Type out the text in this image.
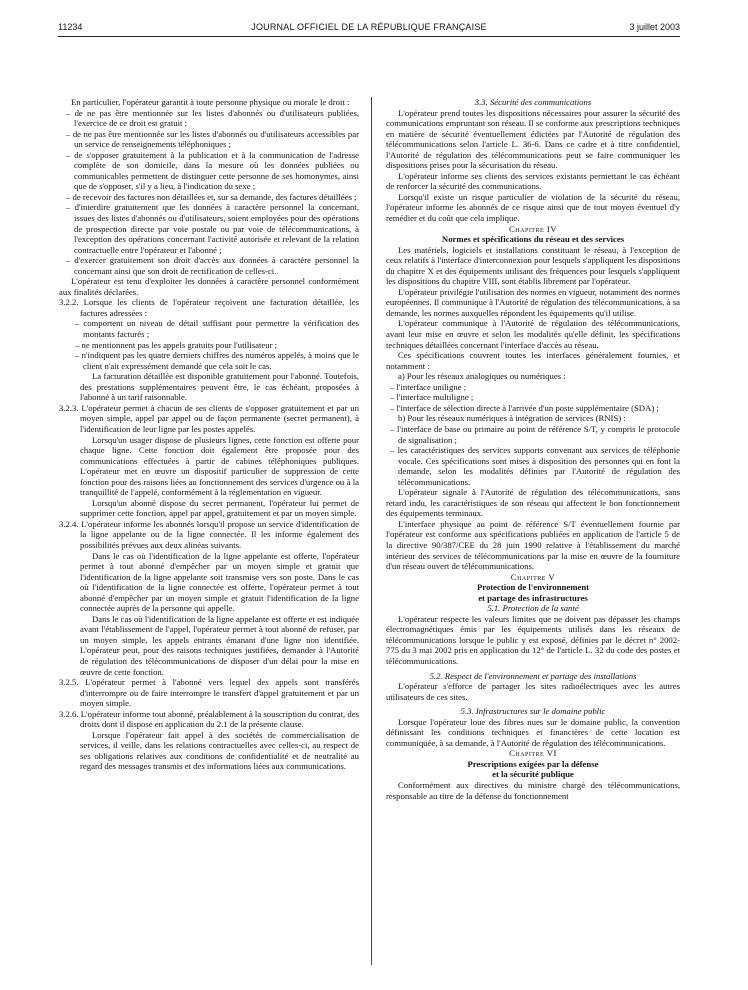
11234	JOURNAL OFFICIEL DE LA RÉPUBLIQUE FRANÇAISE	3 juillet 2003

En particulier, l'opérateur garantit à toute personne physique ou morale le droit :

– de ne pas être mentionnée sur les listes d'abonnés ou d'utilisateurs publiées, l'exercice de ce droit est gratuit ;

– de ne pas être mentionnée sur les listes d'abonnés ou d'utilisateurs accessibles par un service de renseignements téléphoniques ;

– de s'opposer gratuitement à la publication et à la communication de l'adresse complète de son domicile, dans la mesure où les données publiées ou communicables permettent de distinguer cette personne de ses homonymes, ainsi que de s'opposer, s'il y a lieu, à l'indication du sexe ;

– de recevoir des factures non détaillées et, sur sa demande, des factures détaillées ;

– d'interdire gratuitement que les données à caractère personnel la concernant, issues des listes d'abonnés ou d'utilisateurs, soient employées pour des opérations de prospection directe par voie postale ou par voie de télécommunications, à l'exception des opérations concernant l'activité autorisée et relevant de la relation contractuelle entre l'opérateur et l'abonné ;

– d'exercer gratuitement son droit d'accès aux données à caractère personnel la concernant ainsi que son droit de rectification de celles-ci.

L'opérateur est tenu d'exploiter les données à caractère personnel conformément aux finalités déclarées.

3.2.2. Lorsque les clients de l'opérateur reçoivent une facturation détaillée, les factures adressées :

– comportent un niveau de détail suffisant pour permettre la vérification des montants facturés ;

– ne mentionnent pas les appels gratuits pour l'utilisateur ;

– n'indiquent pas les quatre derniers chiffres des numéros appelés, à moins que le client n'ait expressément demandé que cela soit le cas.

La facturation détaillée est disponible gratuitement pour l'abonné. Toutefois, des prestations supplémentaires peuvent être, le cas échéant, proposées à l'abonné à un tarif raisonnable.

3.2.3. L'opérateur permet à chacun de ses clients de s'opposer gratuitement et par un moyen simple, appel par appel ou de façon permanente (secret permanent), à l'identification de leur ligne par les postes appelés.

Lorsqu'un usager dispose de plusieurs lignes, cette fonction est offerte pour chaque ligne. Cette fonction doit également être proposée pour des communications effectuées à partir de cabines téléphoniques publiques. L'opérateur met en œuvre un dispositif particulier de suppression de cette fonction pour des raisons liées au fonctionnement des services d'urgence ou à la tranquillité de l'appelé, conformément à la réglementation en vigueur.

Lorsqu'un abonné dispose du secret permanent, l'opérateur lui permet de supprimer cette fonction, appel par appel, gratuitement et par un moyen simple.

3.2.4. L'opérateur informe les abonnés lorsqu'il propose un service d'identification de la ligne appelante ou de la ligne connectée. Il les informe également des possibilités prévues aux deux alinéas suivants.

Dans le cas où l'identification de la ligne appelante est offerte, l'opérateur permet à tout abonné d'empêcher par un moyen simple et gratuit que l'identification de la ligne appelante soit transmise vers son poste. Dans le cas où l'identification de la ligne connectée est offerte, l'opérateur permet à tout abonné d'empêcher par un moyen simple et gratuit l'identification de la ligne connectée auprès de la personne qui appelle.

Dans le cas où l'identification de la ligne appelante est offerte et est indiquée avant l'établissement de l'appel, l'opérateur permet à tout abonné de refuser, par un moyen simple, les appels entrants émanant d'une ligne non identifiée. L'opérateur peut, pour des raisons techniques justifiées, demander à l'Autorité de régulation des télécommunications de disposer d'un délai pour la mise en œuvre de cette fonction.

3.2.5. L'opérateur permet à l'abonné vers lequel des appels sont transférés d'interrompre ou de faire interrompre le transfert d'appel gratuitement et par un moyen simple.

3.2.6. L'opérateur informe tout abonné, préalablement à la souscription du contrat, des droits dont il dispose en application du 2.1 de la présente clause.

Lorsque l'opérateur fait appel à des sociétés de commercialisation de services, il veille, dans les relations contractuelles avec celles-ci, au respect de ses obligations relatives aux conditions de confidentialité et de neutralité au regard des messages transmis et des informations liées aux communications.

3.3. Sécurité des communications

L'opérateur prend toutes les dispositions nécessaires pour assurer la sécurité des communications empruntant son réseau. Il se conforme aux prescriptions techniques en matière de sécurité éventuellement édictées par l'Autorité de régulation des télécommunications selon l'article L. 36-6. Dans ce cadre et à titre confidentiel, l'Autorité de régulation des télécommunications peut se faire communiquer les dispositions prises pour la sécurisation du réseau.

L'opérateur informe ses clients des services existants permettant le cas échéant de renforcer la sécurité des communications.

Lorsqu'il existe un risque particulier de violation de la sécurité du réseau, l'opérateur informe les abonnés de ce risque ainsi que de tout moyen éventuel d'y remédier et du coût que cela implique.

Chapitre IV

Normes et spécifications du réseau et des services

Les matériels, logiciels et installations constituant le réseau, à l'exception de ceux relatifs à l'interface d'interconnexion pour lesquels s'appliquent les dispositions du chapitre X et des équipements utilisant des fréquences pour lesquels s'appliquent les dispositions du chapitre VIII, sont établis librement par l'opérateur.

L'opérateur privilégie l'utilisation des normes en vigueur, notamment des normes européennes. Il communique à l'Autorité de régulation des télécommunications, à sa demande, les normes auxquelles répondent les équipements qu'il utilise.

L'opérateur communique à l'Autorité de régulation des télécommunications, avant leur mise en œuvre et selon les modalités qu'elle définit, les spécifications techniques détaillées concernant l'interface d'accès au réseau.

Ces spécifications couvrent toutes les interfaces généralement fournies, et notamment :

a) Pour les réseaux analogiques ou numériques :

– l'interface uniligne ;

– l'interface multiligne ;

– l'interface de sélection directe à l'arrivée d'un poste supplémentaire (SDA) ;

b) Pour les réseaux numériques à intégration de services (RNIS) :

– l'interface de base ou primaire au point de référence S/T, y compris le protocole de signalisation ;

– les caractéristiques des services supports convenant aux services de téléphonie vocale. Ces spécifications sont mises à disposition des personnes qui en font la demande, selon les modalités définies par l'Autorité de régulation des télécommunications.

L'opérateur signale à l'Autorité de régulation des télécommunications, sans retard indu, les caractéristiques de son réseau qui affectent le bon fonctionnement des équipements terminaux.

L'interface physique au point de référence S/T éventuellement fournie par l'opérateur est conforme aux spécifications publiées en application de l'article 5 de la directive 90/387/CEE du 28 juin 1990 relative à l'établissement du marché intérieur des services de télécommunications par la mise en œuvre de la fourniture d'un réseau ouvert de télécommunications.

Chapitre V

Protection de l'environnement

et partage des infrastructures

5.1. Protection de la santé

L'opérateur respecte les valeurs limites que ne doivent pas dépasser les champs électromagnétiques émis par les équipements utilisés dans les réseaux de télécommunications lorsque le public y est exposé, définies par le décret n° 2002-775 du 3 mai 2002 pris en application du 12° de l'article L. 32 du code des postes et télécommunications.

5.2. Respect de l'environnement et partage des installations

L'opérateur s'efforce de partager les sites radioélectriques avec les autres utilisateurs de ces sites.

5.3. Infrastructures sur le domaine public

Lorsque l'opérateur loue des fibres nues sur le domaine public, la convention définissant les conditions techniques et financières de cette location est communiquée, à sa demande, à l'Autorité de régulation des télécommunications.

Chapitre VI

Prescriptions exigées par la défense

et la sécurité publique

Conformément aux directives du ministre chargé des télécommunications, responsable au titre de la défense du fonctionnement
